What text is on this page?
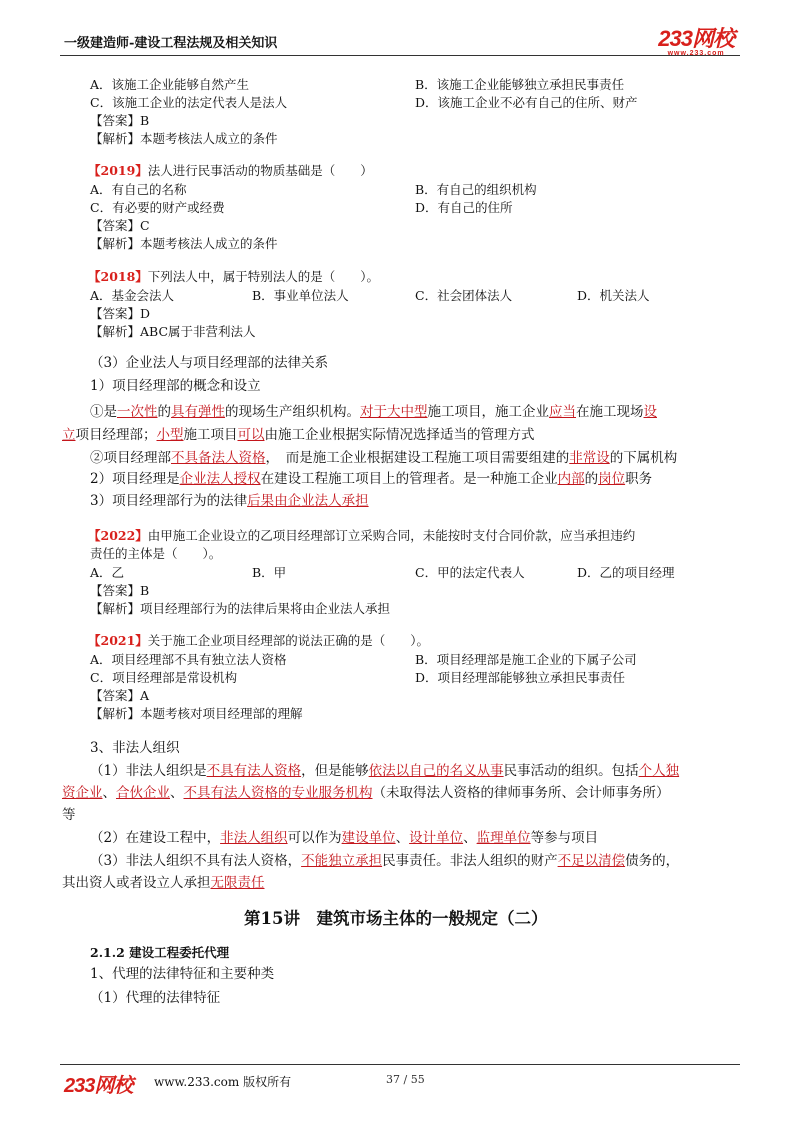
一级建造师-建设工程法规及相关知识	233网校
www.233.com
A．该施工企业能够自然产生	B．该施工企业能够独立承担民事责任
C．该施工企业的法定代表人是法人	D．该施工企业不必有自己的住所、财产
【答案】B
【解析】本题考核法人成立的条件
【2019】法人进行民事活动的物质基础是（　　）
A．有自己的名称	B．有自己的组织机构
C．有必要的财产或经费	D．有自己的住所
【答案】C
【解析】本题考核法人成立的条件
【2018】下列法人中，属于特别法人的是（　　）。
A．基金会法人	B．事业单位法人	C．社会团体法人	D．机关法人
【答案】D
【解析】ABC属于非营利法人
（3）企业法人与项目经理部的法律关系
1）项目经理部的概念和设立
①是一次性的具有弹性的现场生产组织机构。对于大中型施工项目，施工企业应当在施工现场设
立项目经理部；小型施工项目可以由施工企业根据实际情况选择适当的管理方式
②项目经理部不具备法人资格，　而是施工企业根据建设工程施工项目需要组建的非常设的下属机构
2）项目经理是企业法人授权在建设工程施工项目上的管理者。是一种施工企业内部的岗位职务
3）项目经理部行为的法律后果由企业法人承担
【2022】由甲施工企业设立的乙项目经理部订立采购合同，未能按时支付合同价款，应当承担违约
责任的主体是（　　）。
A．乙	B．甲	C．甲的法定代表人	D．乙的项目经理
【答案】B
【解析】项目经理部行为的法律后果将由企业法人承担
【2021】关于施工企业项目经理部的说法正确的是（　　）。
A．项目经理部不具有独立法人资格	B．项目经理部是施工企业的下属子公司
C．项目经理部是常设机构	D．项目经理部能够独立承担民事责任
【答案】A
【解析】本题考核对项目经理部的理解
3、非法人组织
（1）非法人组织是不具有法人资格，但是能够依法以自己的名义从事民事活动的组织。包括个人独
资企业、合伙企业、不具有法人资格的专业服务机构（未取得法人资格的律师事务所、会计师事务所）
等
（2）在建设工程中，非法人组织可以作为建设单位、设计单位、监理单位等参与项目
（3）非法人组织不具有法人资格，不能独立承担民事责任。非法人组织的财产不足以清偿债务的，
其出资人或者设立人承担无限责任
第15讲　建筑市场主体的一般规定（二）
2.1.2 建设工程委托代理
1、代理的法律特征和主要种类
（1）代理的法律特征
233网校 www.233.com 版权所有	37 / 55
